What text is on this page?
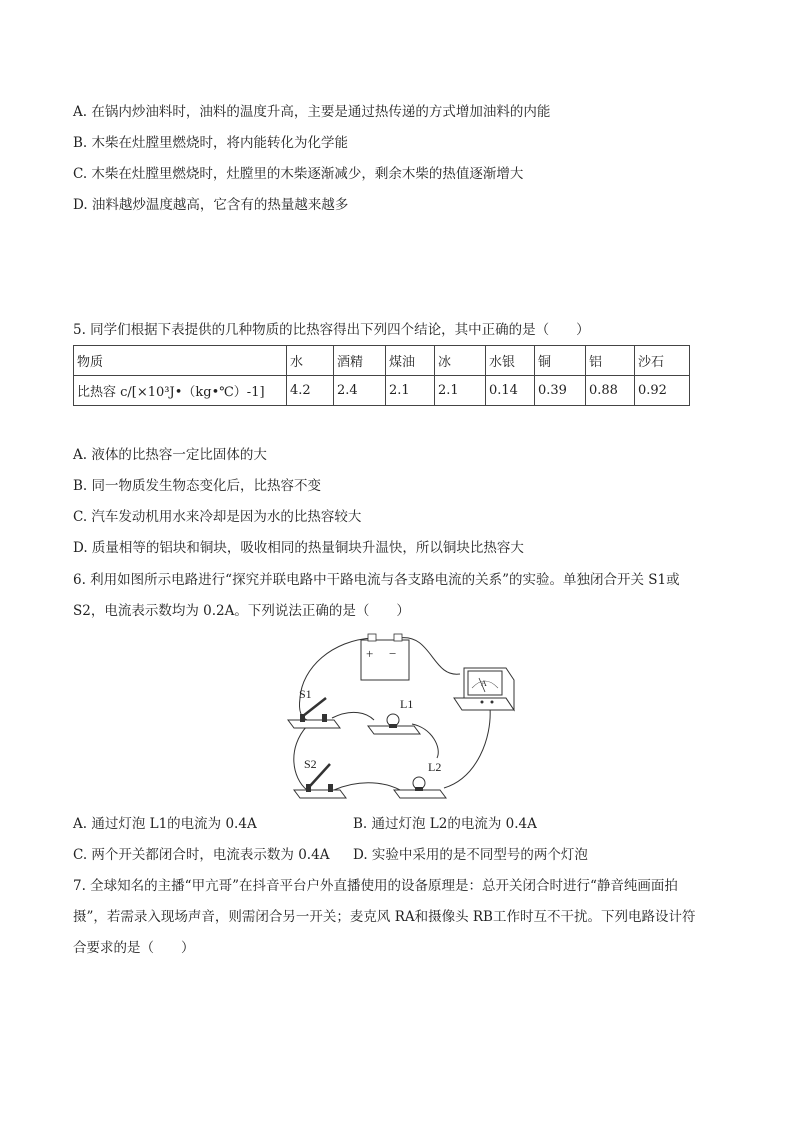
A. 在锅内炒油料时，油料的温度升高，主要是通过热传递的方式增加油料的内能
B. 木柴在灶膛里燃烧时，将内能转化为化学能
C. 木柴在灶膛里燃烧时，灶膛里的木柴逐渐减少，剩余木柴的热值逐渐增大
D. 油料越炒温度越高，它含有的热量越来越多
5. 同学们根据下表提供的几种物质的比热容得出下列四个结论，其中正确的是（　　）
物质	水	酒精	煤油	冰	水银	铜	铝	沙石
比热容 c/[×10³J•（kg•℃）-1]	4.2	2.4	2.1	2.1	0.14	0.39	0.88	0.92
A. 液体的比热容一定比固体的大
B. 同一物质发生物态变化后，比热容不变
C. 汽车发动机用水来冷却是因为水的比热容较大
D. 质量相等的铝块和铜块，吸收相同的热量铜块升温快，所以铜块比热容大
6. 利用如图所示电路进行“探究并联电路中干路电流与各支路电流的关系”的实验。单独闭合开关 S1或
S2，电流表示数均为 0.2A。下列说法正确的是（　　）
+ −
A
S1
L1
S2	L2
A. 通过灯泡 L1的电流为 0.4A	B. 通过灯泡 L2的电流为 0.4A
C. 两个开关都闭合时，电流表示数为 0.4A D. 实验中采用的是不同型号的两个灯泡
7. 全球知名的主播“甲亢哥”在抖音平台户外直播使用的设备原理是：总开关闭合时进行“静音纯画面拍
摄”，若需录入现场声音，则需闭合另一开关；麦克风 RA和摄像头 RB工作时互不干扰。下列电路设计符
合要求的是（　　）
